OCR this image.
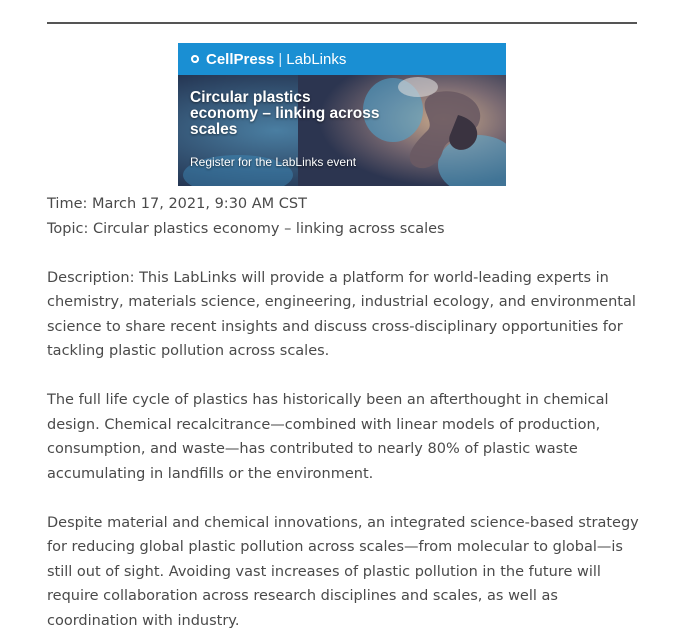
CellPress | LabLinks
Circular plastics economy – linking across scales
Register for the LabLinks event

Time: March 17, 2021, 9:30 AM CST

Topic: Circular plastics economy – linking across scales

Description: This LabLinks will provide a platform for world-leading experts in chemistry, materials science, engineering, industrial ecology, and environmental science to share recent insights and discuss cross-disciplinary opportunities for tackling plastic pollution across scales.

The full life cycle of plastics has historically been an afterthought in chemical design. Chemical recalcitrance—combined with linear models of production, consumption, and waste—has contributed to nearly 80% of plastic waste accumulating in landfills or the environment.

Despite material and chemical innovations, an integrated science-based strategy for reducing global plastic pollution across scales—from molecular to global—is still out of sight. Avoiding vast increases of plastic pollution in the future will require collaboration across research disciplines and scales, as well as coordination with industry.
